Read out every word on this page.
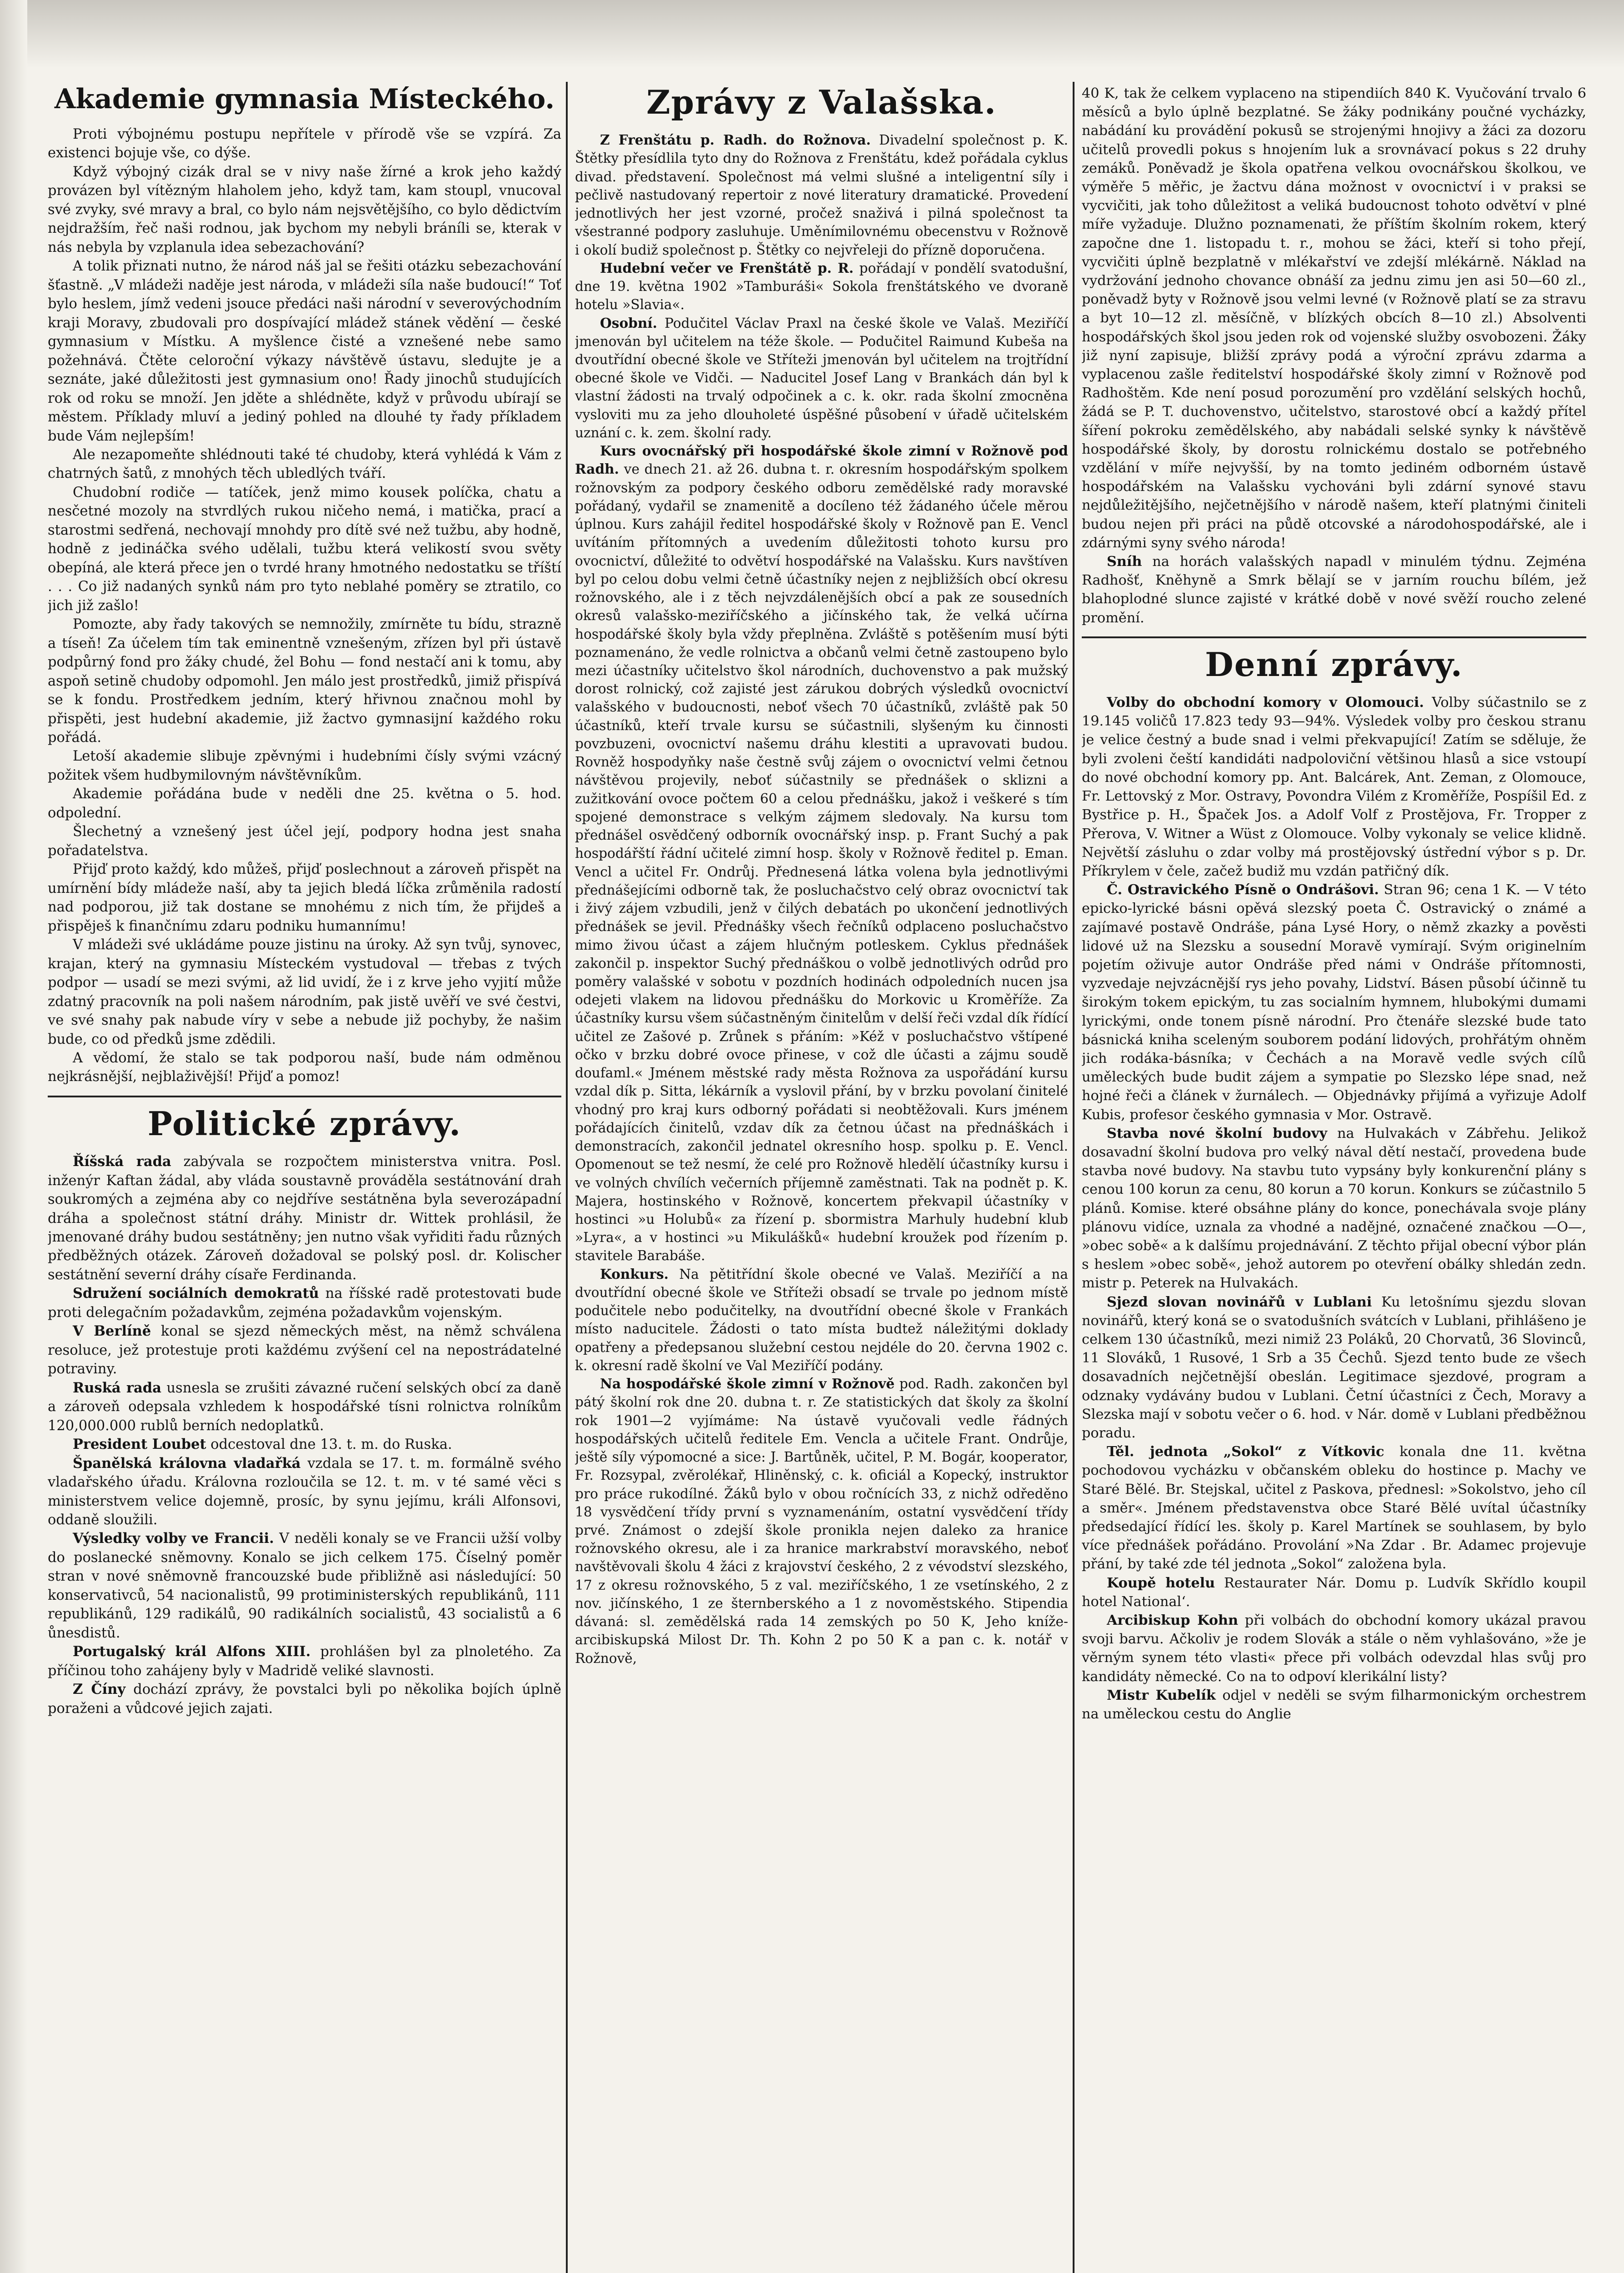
Akademie gymnasia Místeckého.

Proti výbojnému postupu nepřítele v přírodě vše se vzpírá. Za existenci bojuje vše, co dýše.

Když výbojný cizák dral se v nivy naše žírné a krok jeho každý provázen byl vítězným hlaholem jeho, když tam, kam stoupl, vnucoval své zvyky, své mravy a bral, co bylo nám nejsvětějšího, co bylo dědictvím nejdražším, řeč naši rodnou, jak bychom my nebyli bráníli se, kterak v nás nebyla by vzplanula idea sebezachování?

A tolik přiznati nutno, že národ náš jal se řešiti otázku sebezachování šťastně. „V mládeži naděje jest národa, v mládeži síla naše budoucí!“ Toť bylo heslem, jímž vedeni jsouce předáci naši národní v severovýchodním kraji Moravy, zbudovali pro dospívající mládež stánek vědění — české gymnasium v Místku. A myšlence čisté a vznešené nebe samo požehnává. Čtěte celoroční výkazy návštěvě ústavu, sledujte je a seznáte, jaké důležitosti jest gymnasium ono! Řady jinochů studujících rok od roku se množí. Jen jděte a shlédněte, když v průvodu ubírají se městem. Příklady mluví a jediný pohled na dlouhé ty řady příkladem bude Vám nejlepším!

Ale nezapomeňte shlédnouti také té chudoby, která vyhlédá k Vám z chatrných šatů, z mnohých těch ubledlých tváří.

Chudobní rodiče — tatíček, jenž mimo kousek políčka, chatu a nesčetné mozoly na stvrdlých rukou ničeho nemá, i matička, prací a starostmi sedřená, nechovají mnohdy pro dítě své než tužbu, aby hodně, hodně z jedináčka svého udělali, tužbu která velikostí svou světy obepíná, ale která přece jen o tvrdé hrany hmotného nedostatku se tříští . . . Co již nadaných synků nám pro tyto neblahé poměry se ztratilo, co jich již zašlo!

Pomozte, aby řady takových se nemnožily, zmírněte tu bídu, strazně a tíseň! Za účelem tím tak eminentně vznešeným, zřízen byl při ústavě podpůrný fond pro žáky chudé, žel Bohu — fond nestačí ani k tomu, aby aspoň setině chudoby odpomohl. Jen málo jest prostředků, jimiž přispívá se k fondu. Prostředkem jedním, který hřivnou značnou mohl by přispěti, jest hudební akademie, již žactvo gymnasijní každého roku pořádá.

Letoší akademie slibuje zpěvnými i hudebními čísly svými vzácný požitek všem hudbymilovným návštěvníkům.

Akademie pořádána bude v neděli dne 25. května o 5. hod. odpolední.

Šlechetný a vznešený jest účel její, podpory hodna jest snaha pořadatelstva.

Přijď proto každý, kdo můžeš, přijď poslechnout a zároveň přispět na umírnění bídy mládeže naší, aby ta jejich bledá líčka zrůměnila radostí nad podporou, již tak dostane se mnohému z nich tím, že přijdeš a přispěješ k finančnímu zdaru podniku humannímu!

V mládeži své ukládáme pouze jistinu na úroky. Až syn tvůj, synovec, krajan, který na gymnasiu Místeckém vystudoval — třebas z tvých podpor — usadí se mezi svými, až lid uvidí, že i z krve jeho vyjití může zdatný pracovník na poli našem národním, pak jistě uvěří ve své čestvi, ve své snahy pak nabude víry v sebe a nebude již pochyby, že našim bude, co od předků jsme zdědili.

A vědomí, že stalo se tak podporou naší, bude nám odměnou nejkrásnější, nejblaživější! Přijď a pomoz!

Politické zprávy.

Říšská rada zabývala se rozpočtem ministerstva vnitra. Posl. inženýr Kaftan žádal, aby vláda soustavně prováděla sestátnování drah soukromých a zejména aby co nejdříve sestátněna byla severozápadní dráha a společnost státní dráhy. Ministr dr. Wittek prohlásil, že jmenované dráhy budou sestátněny; jen nutno však vyřiditi řadu různých předběžných otázek. Zároveň dožadoval se polský posl. dr. Kolischer sestátnění severní dráhy císaře Ferdinanda.

Sdružení sociálních demokratů na říšské radě protestovati bude proti delegačním požadavkům, zejména požadavkům vojenským.

V Berlíně konal se sjezd německých měst, na němž schválena resoluce, jež protestuje proti každému zvýšení cel na nepostrádatelné potraviny.

Ruská rada usnesla se zrušiti závazné ručení selských obcí za daně a zároveň odepsala vzhledem k hospodářské tísni rolnictva rolníkům 120,000.000 rublů berních nedoplatků.

President Loubet odcestoval dne 13. t. m. do Ruska.

Španělská královna vladařká vzdala se 17. t. m. formálně svého vladařského úřadu. Královna rozloučila se 12. t. m. v té samé věci s ministerstvem velice dojemně, prosíc, by synu jejímu, králi Alfonsovi, oddaně sloužili.

Výsledky volby ve Francii. V neděli konaly se ve Francii užší volby do poslanecké sněmovny. Konalo se jich celkem 175. Číselný poměr stran v nové sněmovně francouzské bude přibližně asi následující: 50 konservativců, 54 nacionalistů, 99 protiministerských republikánů, 111 republikánů, 129 radikálů, 90 radikálních socialistů, 43 socialistů a 6 ůnesdistů.

Portugalský král Alfons XIII. prohlášen byl za plnoletého. Za příčinou toho zahájeny byly v Madridě veliké slavnosti.

Z Číny dochází zprávy, že povstalci byli po několika bojích úplně poraženi a vůdcové jejich zajati.

Zprávy z Valašska.

Z Frenštátu p. Radh. do Rožnova. Divadelní společnost p. K. Štětky přesídlila tyto dny do Rožnova z Frenštátu, kdež pořádala cyklus divad. představení. Společnost má velmi slušné a inteligentní síly i pečlivě nastudovaný repertoir z nové literatury dramatické. Provedení jednotlivých her jest vzorné, pročež snaživá i pilná společnost ta všestranné podpory zasluhuje. Uměnímilovnému obecenstvu v Rožnově i okolí budiž společnost p. Štětky co nejvřeleji do přízně doporučena.

Hudební večer ve Frenštátě p. R. pořádají v pondělí svatodušní, dne 19. května 1902 »Tamburáši« Sokola frenštátského ve dvoraně hotelu »Slavia«.

Osobní. Podučitel Václav Praxl na české škole ve Valaš. Meziříčí jmenován byl učitelem na téže škole. — Podučitel Raimund Kubeša na dvoutřídní obecné škole ve Stříteži jmenován byl učitelem na trojtřídní obecné škole ve Vidči. — Naducitel Josef Lang v Brankách dán byl k vlastní žádosti na trvalý odpočinek a c. k. okr. rada školní zmocněna vysloviti mu za jeho dlouholeté úspěšné působení v úřadě učitelském uznání c. k. zem. školní rady.

Kurs ovocnářský při hospodářské škole zimní v Rožnově pod Radh. ve dnech 21. až 26. dubna t. r. okresním hospodářským spolkem rožnovským za podpory českého odboru zemědělské rady moravské pořádaný, vydařil se znamenitě a docíleno též žádaného účele měrou úplnou. Kurs zahájil ředitel hospodářské školy v Rožnově pan E. Vencl uvítáním přítomných a uvedením důležitosti tohoto kursu pro ovocnictví, důležité to odvětví hospodářské na Valašsku. Kurs navštíven byl po celou dobu velmi četně účastníky nejen z nejbližších obcí okresu rožnovského, ale i z těch nejvzdálenějších obcí a pak ze sousedních okresů valašsko-meziříčského a jičínského tak, že velká učírna hospodářské školy byla vždy přeplněna. Zvláště s potěšením musí býti poznamenáno, že vedle rolnictva a občanů velmi četně zastoupeno bylo mezi účastníky učitelstvo škol národních, duchovenstvo a pak mužský dorost rolnický, což zajisté jest zárukou dobrých výsledků ovocnictví valašského v budoucnosti, neboť všech 70 účastníků, zvláště pak 50 účastníků, kteří trvale kursu se súčastnili, slyšeným ku činnosti povzbuzeni, ovocnictví našemu dráhu klestiti a upravovati budou. Rovněž hospodyňky naše čestně svůj zájem o ovocnictví velmi četnou návštěvou projevily, neboť súčastnily se přednášek o sklizni a zužitkování ovoce počtem 60 a celou přednášku, jakož i veškeré s tím spojené demonstrace s velkým zájmem sledovaly. Na kursu tom přednášel osvědčený odborník ovocnářský insp. p. Frant Suchý a pak hospodářští řádní učitelé zimní hosp. školy v Rožnově ředitel p. Eman. Vencl a učitel Fr. Ondrůj. Přednesená látka volena byla jednotlivými přednášejícími odborně tak, že posluchačstvo celý obraz ovocnictví tak i živý zájem vzbudili, jenž v čilých debatách po ukončení jednotlivých přednášek se jevil. Přednášky všech řečníků odplaceno posluchačstvo mimo živou účast a zájem hlučným potleskem. Cyklus přednášek zakončil p. inspektor Suchý přednáškou o volbě jednotlivých odrůd pro poměry valašské v sobotu v pozdních hodinách odpoledních nucen jsa odejeti vlakem na lidovou přednášku do Morkovic u Kroměříže. Za účastníky kursu všem súčastněným činitelům v delší řeči vzdal dík řídící učitel ze Zašové p. Zrůnek s přáním: »Kéž v posluchačstvo vštípené očko v brzku dobré ovoce přinese, v což dle účasti a zájmu soudě doufaml.« Jménem městské rady města Rožnova za uspořádání kursu vzdal dík p. Sitta, lékárník a vyslovil přání, by v brzku povolaní činitelé vhodný pro kraj kurs odborný pořádati si neobtěžovali. Kurs jménem pořádajících činitelů, vzdav dík za četnou účast na přednáškách i demonstracích, zakončil jednatel okresního hosp. spolku p. E. Vencl. Opomenout se tež nesmí, že celé pro Rožnově hledělí účastníky kursu i ve volných chvílích večerních příjemně zaměstnati. Tak na podnět p. K. Majera, hostinského v Rožnově, koncertem překvapil účastníky v hostinci »u Holubů« za řízení p. sbormistra Marhuly hudební klub »Lyra«, a v hostinci »u Mikulášků« hudební kroužek pod řízením p. stavitele Barabáše.

Konkurs. Na pětitřídní škole obecné ve Valaš. Meziříčí a na dvoutřídní obecné škole ve Stříteži obsadí se trvale po jednom místě podučitele nebo podučitelky, na dvoutřídní obecné škole v Frankách místo naducitele. Žádosti o tato místa budtež náležitými doklady opatřeny a předepsanou služební cestou nejdéle do 20. června 1902 c. k. okresní radě školní ve Val Meziříčí podány.

Na hospodářské škole zimní v Rožnově pod. Radh. zakončen byl pátý školní rok dne 20. dubna t. r. Ze statistických dat školy za školní rok 1901—2 vyjímáme: Na ústavě vyučovali vedle řádných hospodářských učitelů ředitele Em. Vencla a učitele Frant. Ondrůje, ještě síly výpomocné a sice: J. Bartůněk, učitel, P. M. Bogár, kooperator, Fr. Rozsypal, zvěrolékař, Hliněnský, c. k. oficiál a Kopecký, instruktor pro práce rukodílné. Žáků bylo v obou ročnících 33, z nichž odředěno 18 vysvědčení třídy první s vyznamenáním, ostatní vysvědčení třídy prvé. Známost o zdejší škole pronikla nejen daleko za hranice rožnovského okresu, ale i za hranice markrabství moravského, neboť navštěvovali školu 4 žáci z krajovství českého, 2 z vévodství slezského, 17 z okresu rožnovského, 5 z val. meziříčského, 1 ze vsetínského, 2 z nov. jičínského, 1 ze šternberského a 1 z novoměstského. Stipendia dávaná: sl. zemědělská rada 14 zemských po 50 K, Jeho kníže-arcibiskupská Milost Dr. Th. Kohn 2 po 50 K a pan c. k. notář v Rožnově,

40 K, tak že celkem vyplaceno na stipendiích 840 K. Vyučování trvalo 6 měsíců a bylo úplně bezplatné. Se žáky podnikány poučné vycházky, nabádání ku provádění pokusů se strojenými hnojivy a žáci za dozoru učitelů provedli pokus s hnojením luk a srovnávací pokus s 22 druhy zemáků. Poněvadž je škola opatřena velkou ovocnářskou školkou, ve výměře 5 měřic, je žactvu dána možnost v ovocnictví i v praksi se vycvičiti, jak toho důležitost a veliká budoucnost tohoto odvětví v plné míře vyžaduje. Dlužno poznamenati, že příštím školním rokem, který započne dne 1. listopadu t. r., mohou se žáci, kteří si toho přejí, vycvičiti úplně bezplatně v mlékařství ve zdejší mlékárně. Náklad na vydržování jednoho chovance obnáší za jednu zimu jen asi 50—60 zl., poněvadž byty v Rožnově jsou velmi levné (v Rožnově platí se za stravu a byt 10—12 zl. měsíčně, v blízkých obcích 8—10 zl.) Absolventi hospodářských škol jsou jeden rok od vojenské služby osvobozeni. Žáky již nyní zapisuje, bližší zprávy podá a výroční zprávu zdarma a vyplacenou zašle ředitelství hospodářské školy zimní v Rožnově pod Radhoštěm. Kde není posud porozumění pro vzdělání selských hochů, žádá se P. T. duchovenstvo, učitelstvo, starostové obcí a každý přítel šíření pokroku zemědělského, aby nabádali selské synky k návštěvě hospodářské školy, by dorostu rolnickému dostalo se potřebného vzdělání v míře nejvyšší, by na tomto jediném odborném ústavě hospodářském na Valašsku vychováni byli zdární synové stavu nejdůležitějšího, nejčetnějšího v národě našem, kteří platnými činiteli budou nejen při práci na půdě otcovské a národohospodářské, ale i zdárnými syny svého národa!

Sníh na horách valašských napadl v minulém týdnu. Zejména Radhošť, Kněhyně a Smrk bělají se v jarním rouchu bílém, jež blahoplodné slunce zajisté v krátké době v nové svěží roucho zelené promění.

Denní zprávy.

Volby do obchodní komory v Olomouci. Volby súčastnilo se z 19.145 voličů 17.823 tedy 93—94%. Výsledek volby pro českou stranu je velice čestný a bude snad i velmi překvapující! Zatím se sděluje, že byli zvoleni čeští kandidáti nadpoloviční většinou hlasů a sice vstoupí do nové obchodní komory pp. Ant. Balcárek, Ant. Zeman, z Olomouce, Fr. Lettovský z Mor. Ostravy, Povondra Vilém z Kroměříže, Pospíšil Ed. z Bystřice p. H., Špaček Jos. a Adolf Volf z Prostějova, Fr. Tropper z Přerova, V. Witner a Wüst z Olomouce. Volby vykonaly se velice klidně. Největší zásluhu o zdar volby má prostějovský ústřední výbor s p. Dr. Příkrylem v čele, začež budiž mu vzdán patřičný dík.

Č. Ostravického Písně o Ondrášovi. Stran 96; cena 1 K. — V této epicko-lyrické básni opěvá slezský poeta Č. Ostravický o známé a zajímavé postavě Ondráše, pána Lysé Hory, o němž zkazky a pověsti lidové už na Slezsku a sousední Moravě vymírají. Svým originelním pojetím oživuje autor Ondráše před námi v Ondráše přítomnosti, vyzvedaje nejvzácnější rys jeho povahy, Lidství. Básen působí účinně tu širokým tokem epickým, tu zas socialním hymnem, hlubokými dumami lyrickými, onde tonem písně národní. Pro čtenáře slezské bude tato básnická kniha sceleným souborem podání lidových, prohřátým ohněm jich rodáka-básníka; v Čechách a na Moravě vedle svých cílů uměleckých bude budit zájem a sympatie po Slezsko lépe snad, než hojné řeči a článek v žurnálech. — Objednávky přijímá a vyřizuje Adolf Kubis, profesor českého gymnasia v Mor. Ostravě.

Stavba nové školní budovy na Hulvakách v Zábřehu. Jelikož dosavadní školní budova pro velký nával dětí nestačí, provedena bude stavba nové budovy. Na stavbu tuto vypsány byly konkurenční plány s cenou 100 korun za cenu, 80 korun a 70 korun. Konkurs se zúčastnilo 5 plánů. Komise. které obsáhne plány do konce, ponechávala svoje plány plánovu vidíce, uznala za vhodné a nadějné, označené značkou —O—, »obec sobě« a k dalšímu projednávání. Z těchto přijal obecní výbor plán s heslem »obec sobě«, jehož autorem po otevření obálky shledán zedn. mistr p. Peterek na Hulvakách.

Sjezd slovan novinářů v Lublani Ku letošnímu sjezdu slovan novinářů, který koná se o svatodušních svátcích v Lublani, přihlášeno je celkem 130 účastníků, mezi nimiž 23 Poláků, 20 Chorvatů, 36 Slovinců, 11 Slováků, 1 Rusové, 1 Srb a 35 Čechů. Sjezd tento bude ze všech dosavadních nejčetnější obeslán. Legitimace sjezdové, program a odznaky vydávány budou v Lublani. Četní účastníci z Čech, Moravy a Slezska mají v sobotu večer o 6. hod. v Nár. domě v Lublani předběžnou poradu.

Těl. jednota „Sokol“ z Vítkovic konala dne 11. května pochodovou vycházku v občanském obleku do hostince p. Machy ve Staré Bělé. Br. Stejskal, učitel z Paskova, přednesl: »Sokolstvo, jeho cíl a směr«. Jménem představenstva obce Staré Bělé uvítal účastníky předsedající řídící les. školy p. Karel Martínek se souhlasem, by bylo více přednášek pořádáno. Provolání »Na Zdar . Br. Adamec projevuje přání, by také zde tél jednota „Sokol“ založena byla.

Koupě hotelu Restaurater Nár. Domu p. Ludvík Skřídlo koupil hotel National‘.

Arcibiskup Kohn při volbách do obchodní komory ukázal pravou svoji barvu. Ačkoliv je rodem Slovák a stále o něm vyhlašováno, »že je věrným synem této vlasti« přece při volbách odevzdal hlas svůj pro kandidáty německé. Co na to odpoví klerikální listy?

Mistr Kubelík odjel v neděli se svým filharmonickým orchestrem na uměleckou cestu do Anglie
